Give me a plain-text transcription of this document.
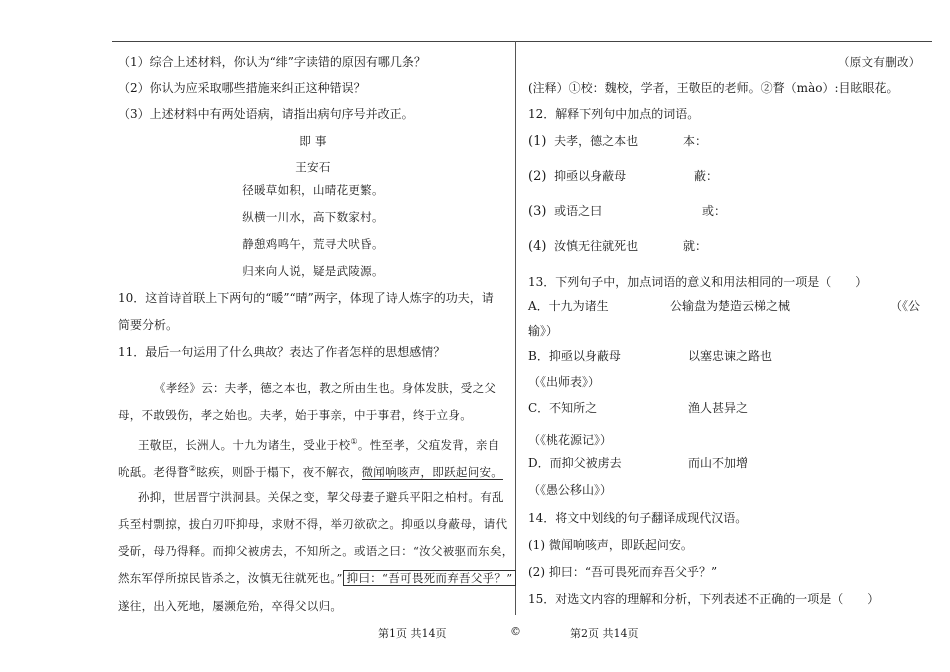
（1）综合上述材料，你认为“绯”字读错的原因有哪几条？
（2）你认为应采取哪些措施来纠正这种错误？
（3）上述材料中有两处语病，请指出病句序号并改正。
即 事
王安石
径暖草如积，山晴花更繁。
纵横一川水，高下数家村。
静憩鸡鸣午，荒寻犬吠昏。
归来向人说，疑是武陵源。
10．这首诗首联上下两句的“暖”“晴”两字，体现了诗人炼字的功夫，请
简要分析。
11．最后一句运用了什么典故？表达了作者怎样的思想感情？
《孝经》云：夫孝，德之本也，教之所由生也。身体发肤，受之父
母，不敢毁伤，孝之始也。夫孝，始于事亲，中于事君，终于立身。
王敬臣，长洲人。十九为诸生，受业于校①。性至孝，父疽发背，亲自
吮舐。老得瞀②眩疾，则卧于榻下，夜不解衣，微闻响咳声，即跃起问安。
孙抑，世居晋宁洪洞县。关保之变，挈父母妻子避兵平阳之柏村。有乱
兵至村剽掠，拔白刃吓抑母，求财不得，举刃欲砍之。抑亟以身蔽母，请代
受斫，母乃得释。而抑父被虏去，不知所之。或语之曰：“汝父被驱而东矣，
然东军俘所掠民皆杀之，汝慎无往就死也。” 抑曰：“吾可畏死而弃吾父乎？”
遂往，出入死地，屡濒危殆，卒得父以归。
（原文有删改）
(注释）①校：魏校，学者，王敬臣的老师。②瞀（mào）:目眩眼花。
12．解释下列句中加点的词语。
(1) 夫孝，德之本也	本：
(2) 抑亟以身蔽母	蔽：
(3) 或语之曰	或：
(4) 汝慎无往就死也	就：
13．下列句子中，加点词语的意义和用法相同的一项是（　　）
A．十九为诸生	公输盘为楚造云梯之械	（《公
输》）
B．抑亟以身蔽母	以塞忠谏之路也
（《出师表》）
C．不知所之	渔人甚异之
（《桃花源记》）
D．而抑父被虏去	而山不加增
（《愚公移山》）
14．将文中划线的句子翻译成现代汉语。
(1) 微闻响咳声，即跃起问安。
(2) 抑曰：“吾可畏死而弃吾父乎？”
15．对选文内容的理解和分析，下列表述不正确的一项是（　　）
第1页 共14页	©	第2页 共14页
